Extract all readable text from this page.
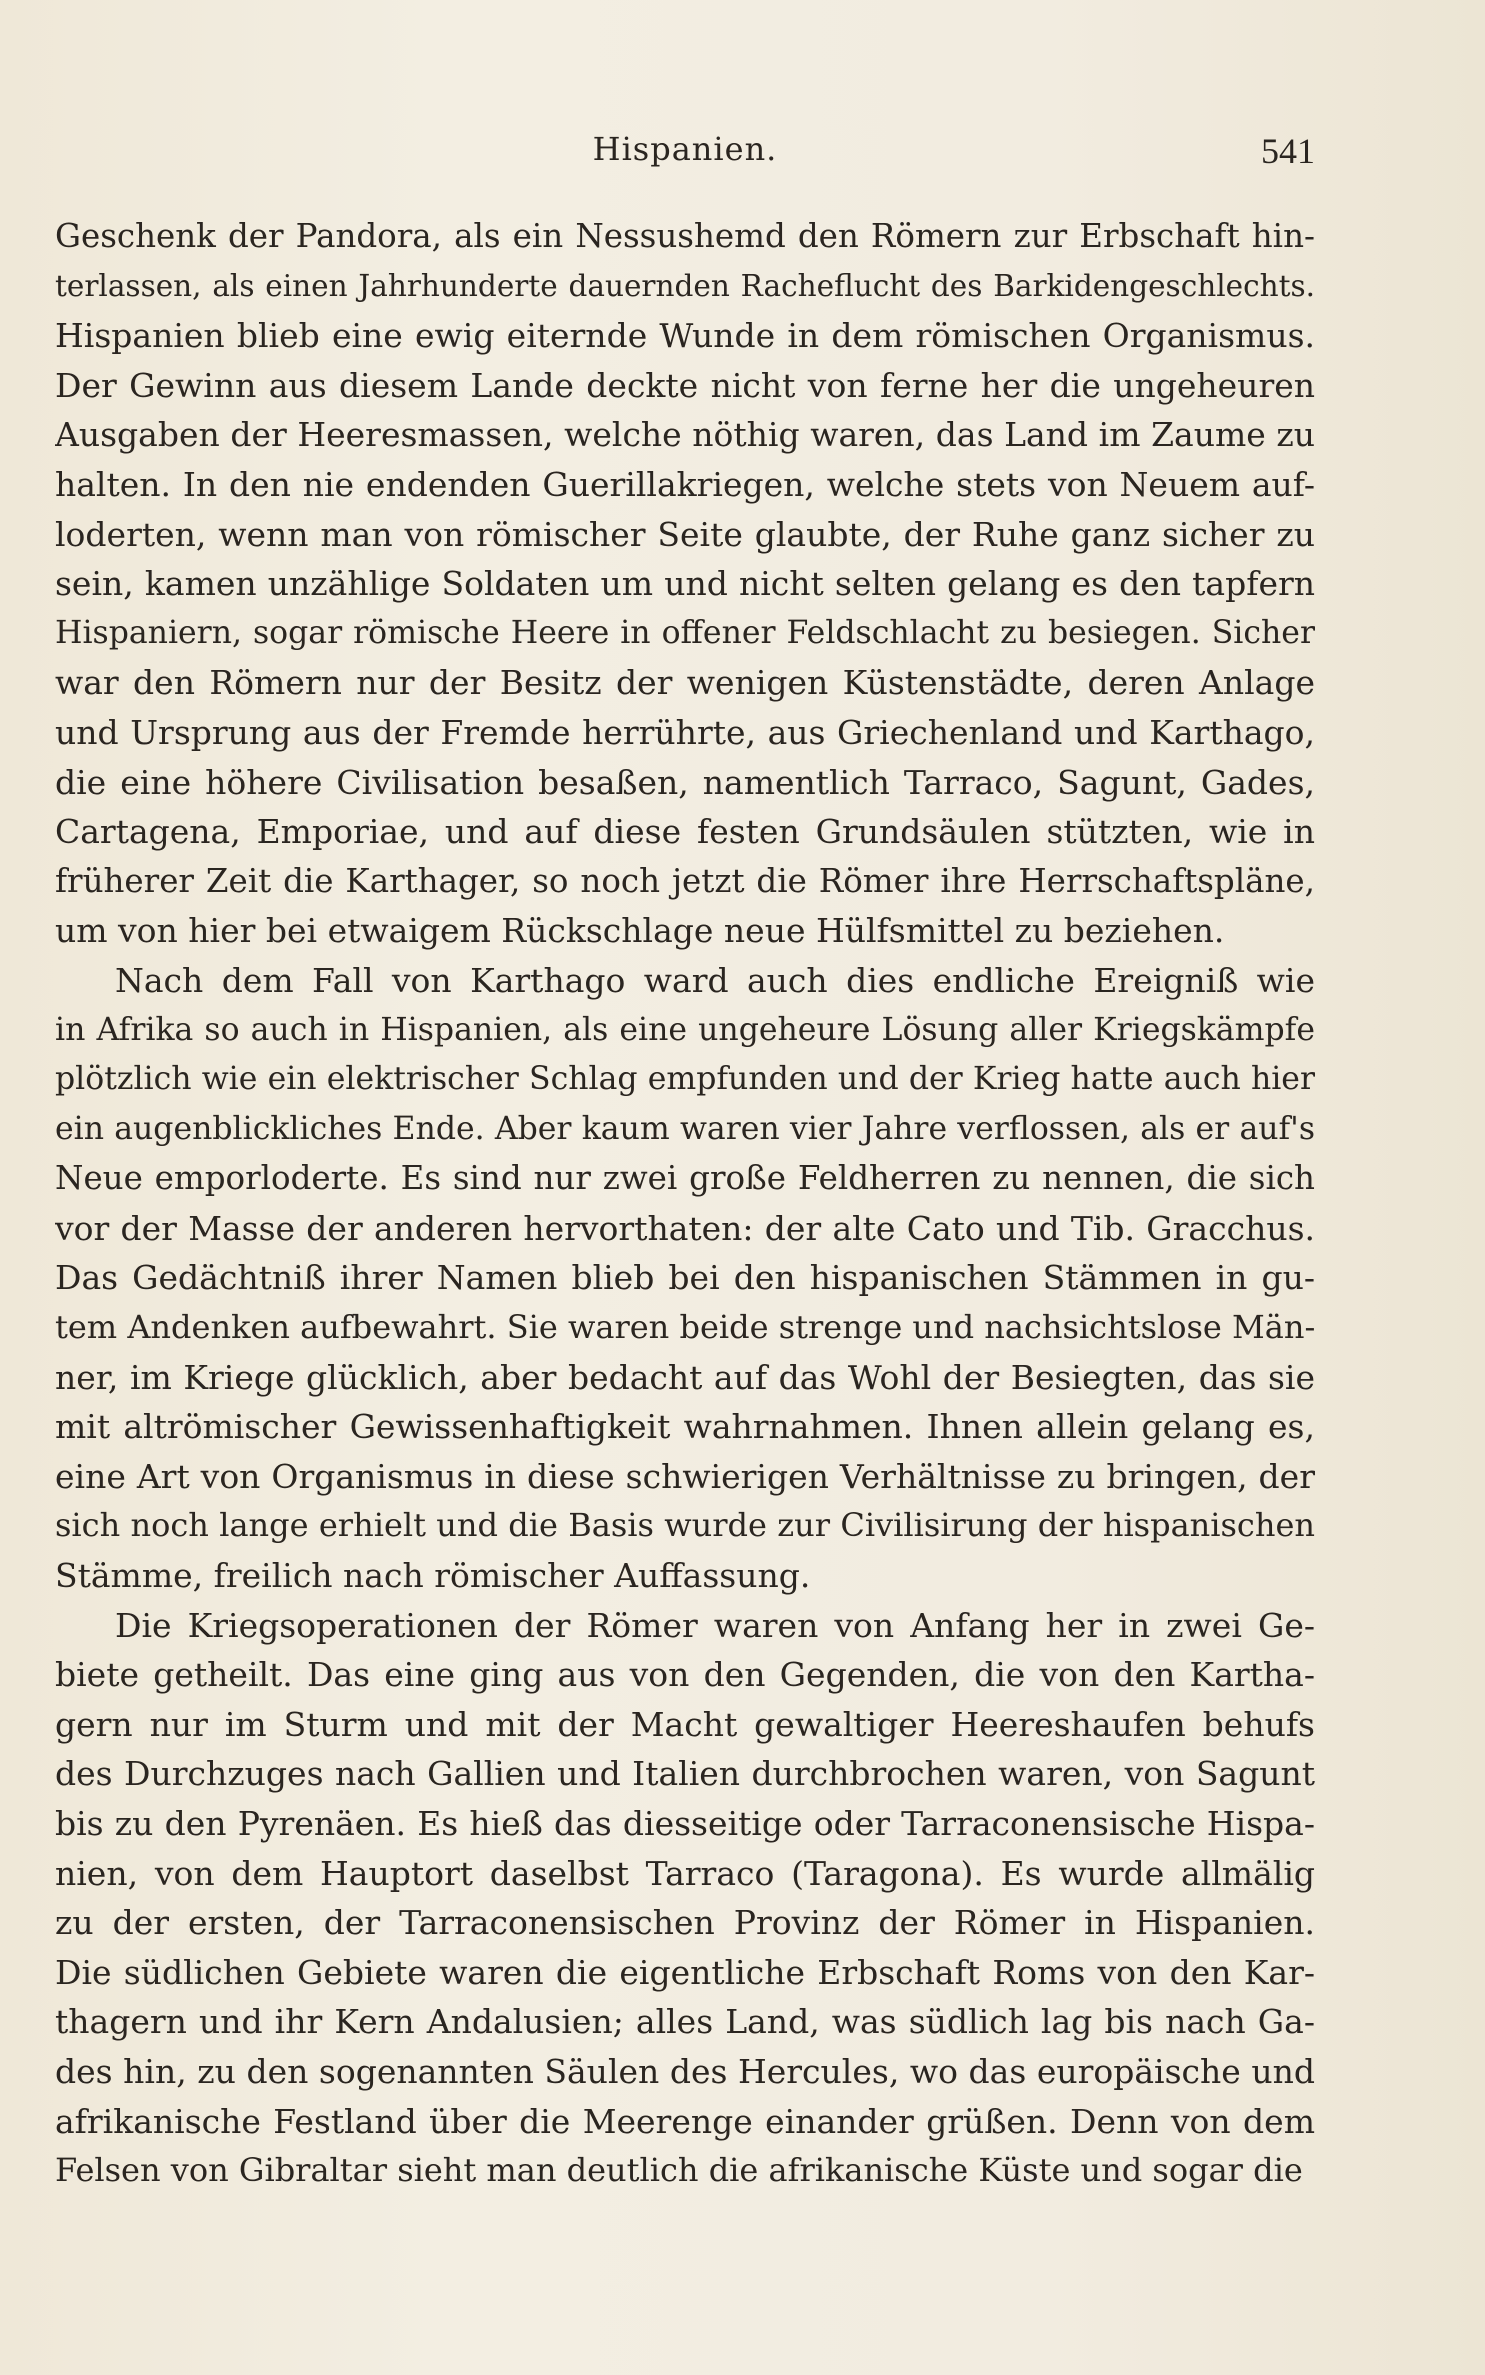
Hispanien.	541
Geschenk der Pandora, als ein Nessushemd den Römern zur Erbschaft hin-
terlassen, als einen Jahrhunderte dauernden Racheflucht des Barkidengeschlechts.
Hispanien blieb eine ewig eiternde Wunde in dem römischen Organismus.
Der Gewinn aus diesem Lande deckte nicht von ferne her die ungeheuren
Ausgaben der Heeresmassen, welche nöthig waren, das Land im Zaume zu
halten. In den nie endenden Guerillakriegen, welche stets von Neuem auf-
loderten, wenn man von römischer Seite glaubte, der Ruhe ganz sicher zu
sein, kamen unzählige Soldaten um und nicht selten gelang es den tapfern
Hispaniern, sogar römische Heere in offener Feldschlacht zu besiegen. Sicher
war den Römern nur der Besitz der wenigen Küstenstädte, deren Anlage
und Ursprung aus der Fremde herrührte, aus Griechenland und Karthago,
die eine höhere Civilisation besaßen, namentlich Tarraco, Sagunt, Gades,
Cartagena, Emporiae, und auf diese festen Grundsäulen stützten, wie in
früherer Zeit die Karthager, so noch jetzt die Römer ihre Herrschaftspläne,
um von hier bei etwaigem Rückschlage neue Hülfsmittel zu beziehen.
Nach dem Fall von Karthago ward auch dies endliche Ereigniß wie
in Afrika so auch in Hispanien, als eine ungeheure Lösung aller Kriegskämpfe
plötzlich wie ein elektrischer Schlag empfunden und der Krieg hatte auch hier
ein augenblickliches Ende. Aber kaum waren vier Jahre verflossen, als er auf's
Neue emporloderte. Es sind nur zwei große Feldherren zu nennen, die sich
vor der Masse der anderen hervorthaten: der alte Cato und Tib. Gracchus.
Das Gedächtniß ihrer Namen blieb bei den hispanischen Stämmen in gu-
tem Andenken aufbewahrt. Sie waren beide strenge und nachsichtslose Män-
ner, im Kriege glücklich, aber bedacht auf das Wohl der Besiegten, das sie
mit altrömischer Gewissenhaftigkeit wahrnahmen. Ihnen allein gelang es,
eine Art von Organismus in diese schwierigen Verhältnisse zu bringen, der
sich noch lange erhielt und die Basis wurde zur Civilisirung der hispanischen
Stämme, freilich nach römischer Auffassung.
Die Kriegsoperationen der Römer waren von Anfang her in zwei Ge-
biete getheilt. Das eine ging aus von den Gegenden, die von den Kartha-
gern nur im Sturm und mit der Macht gewaltiger Heereshaufen behufs
des Durchzuges nach Gallien und Italien durchbrochen waren, von Sagunt
bis zu den Pyrenäen. Es hieß das diesseitige oder Tarraconensische Hispa-
nien, von dem Hauptort daselbst Tarraco (Taragona). Es wurde allmälig
zu der ersten, der Tarraconensischen Provinz der Römer in Hispanien.
Die südlichen Gebiete waren die eigentliche Erbschaft Roms von den Kar-
thagern und ihr Kern Andalusien; alles Land, was südlich lag bis nach Ga-
des hin, zu den sogenannten Säulen des Hercules, wo das europäische und
afrikanische Festland über die Meerenge einander grüßen. Denn von dem
Felsen von Gibraltar sieht man deutlich die afrikanische Küste und sogar die
